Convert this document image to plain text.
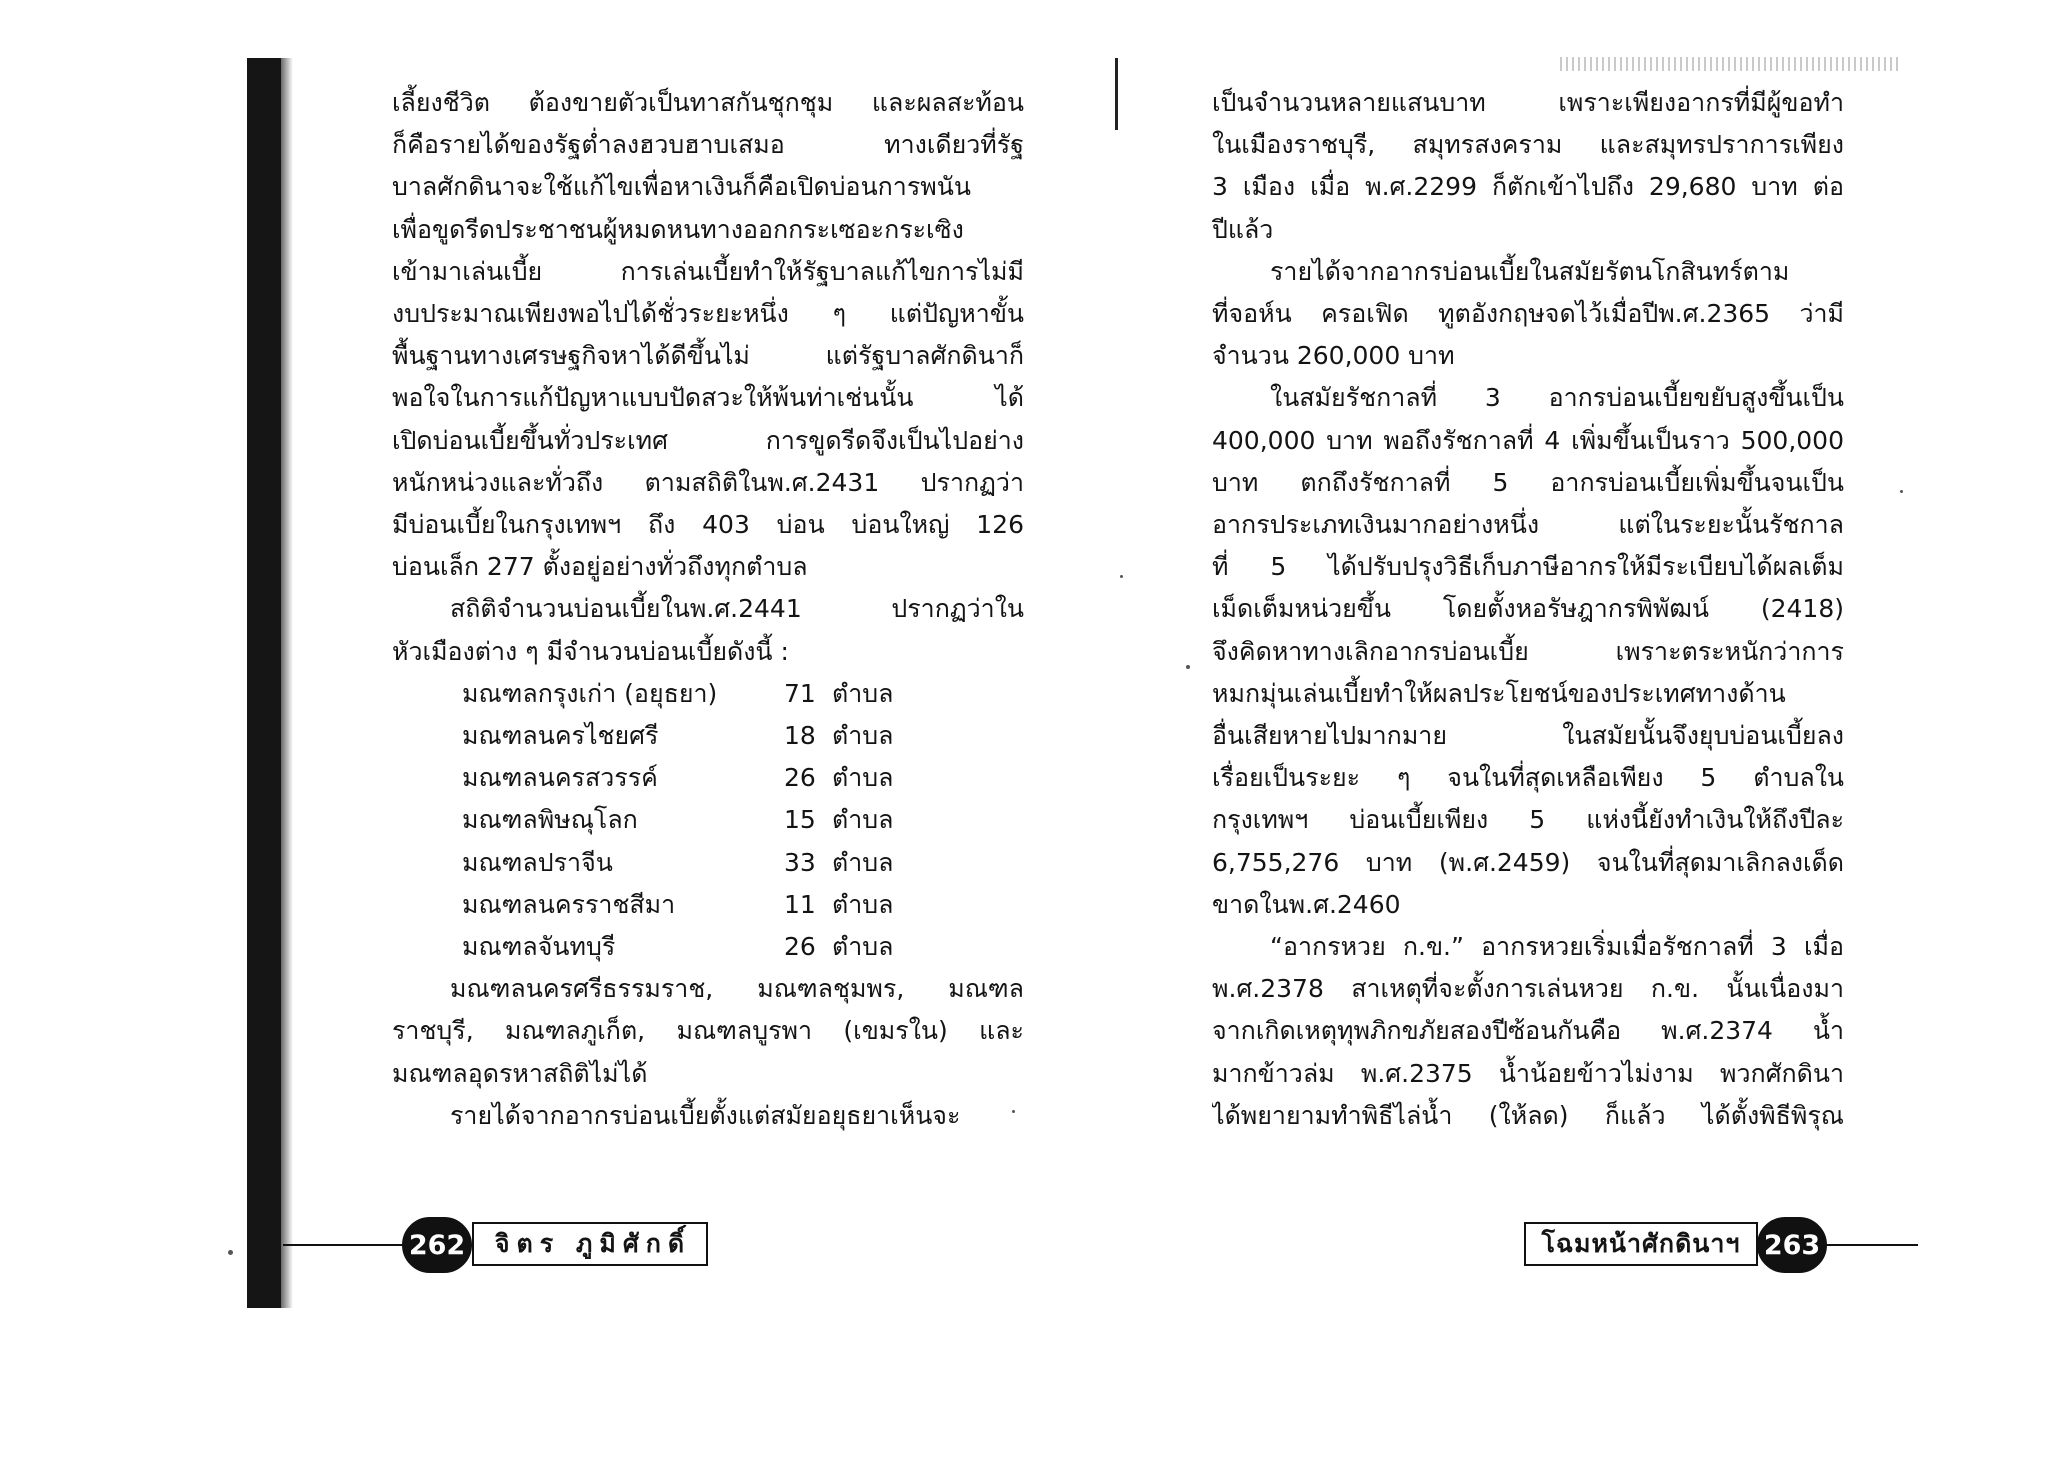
เลี้ยงชีวิต ต้องขายตัวเป็นทาสกันชุกชุม และผลสะท้อน
ก็คือรายได้ของรัฐต่ำลงฮวบฮาบเสมอ ทางเดียวที่รัฐ
บาลศักดินาจะใช้แก้ไขเพื่อหาเงินก็คือเปิดบ่อนการพนัน
เพื่อขูดรีดประชาชนผู้หมดหนทางออกกระเซอะกระเซิง
เข้ามาเล่นเบี้ย การเล่นเบี้ยทำให้รัฐบาลแก้ไขการไม่มี
งบประมาณเพียงพอไปได้ชั่วระยะหนึ่ง ๆ แต่ปัญหาขั้น
พื้นฐานทางเศรษฐกิจหาได้ดีขึ้นไม่ แต่รัฐบาลศักดินาก็
พอใจในการแก้ปัญหาแบบปัดสวะให้พ้นท่าเช่นนั้น ได้
เปิดบ่อนเบี้ยขึ้นทั่วประเทศ การขูดรีดจึงเป็นไปอย่าง
หนักหน่วงและทั่วถึง ตามสถิติในพ.ศ.2431 ปรากฏว่า
มีบ่อนเบี้ยในกรุงเทพฯ ถึง 403 บ่อน บ่อนใหญ่ 126
บ่อนเล็ก 277 ตั้งอยู่อย่างทั่วถึงทุกตำบล
สถิติจำนวนบ่อนเบี้ยในพ.ศ.2441 ปรากฏว่าใน
หัวเมืองต่าง ๆ มีจำนวนบ่อนเบี้ยดังนี้ :
มณฑลกรุงเก่า (อยุธยา)	71 ตำบล
มณฑลนครไชยศรี	18 ตำบล
มณฑลนครสวรรค์	26 ตำบล
มณฑลพิษณุโลก	15 ตำบล
มณฑลปราจีน	33 ตำบล
มณฑลนครราชสีมา	11 ตำบล
มณฑลจันทบุรี	26 ตำบล
มณฑลนครศรีธรรมราช, มณฑลชุมพร, มณฑล
ราชบุรี, มณฑลภูเก็ต, มณฑลบูรพา (เขมรใน) และ
มณฑลอุดรหาสถิติไม่ได้
รายได้จากอากรบ่อนเบี้ยตั้งแต่สมัยอยุธยาเห็นจะ
เป็นจำนวนหลายแสนบาท เพราะเพียงอากรที่มีผู้ขอทำ
ในเมืองราชบุรี, สมุทรสงคราม และสมุทรปราการเพียง
3 เมือง เมื่อ พ.ศ.2299 ก็ตักเข้าไปถึง 29,680 บาท ต่อ
ปีแล้ว
รายได้จากอากรบ่อนเบี้ยในสมัยรัตนโกสินทร์ตาม
ที่จอห์น ครอเฟิด ทูตอังกฤษจดไว้เมื่อปีพ.ศ.2365 ว่ามี
จำนวน 260,000 บาท
ในสมัยรัชกาลที่ 3 อากรบ่อนเบี้ยขยับสูงขึ้นเป็น
400,000 บาท พอถึงรัชกาลที่ 4 เพิ่มขึ้นเป็นราว 500,000
บาท ตกถึงรัชกาลที่ 5 อากรบ่อนเบี้ยเพิ่มขึ้นจนเป็น
อากรประเภทเงินมากอย่างหนึ่ง แต่ในระยะนั้นรัชกาล
ที่ 5 ได้ปรับปรุงวิธีเก็บภาษีอากรให้มีระเบียบได้ผลเต็ม
เม็ดเต็มหน่วยขึ้น โดยตั้งหอรัษฎากรพิพัฒน์ (2418)
จึงคิดหาทางเลิกอากรบ่อนเบี้ย เพราะตระหนักว่าการ
หมกมุ่นเล่นเบี้ยทำให้ผลประโยชน์ของประเทศทางด้าน
อื่นเสียหายไปมากมาย ในสมัยนั้นจึงยุบบ่อนเบี้ยลง
เรื่อยเป็นระยะ ๆ จนในที่สุดเหลือเพียง 5 ตำบลใน
กรุงเทพฯ บ่อนเบี้ยเพียง 5 แห่งนี้ยังทำเงินให้ถึงปีละ
6,755,276 บาท (พ.ศ.2459) จนในที่สุดมาเลิกลงเด็ด
ขาดในพ.ศ.2460
“อากรหวย ก.ข.” อากรหวยเริ่มเมื่อรัชกาลที่ 3 เมื่อ
พ.ศ.2378 สาเหตุที่จะตั้งการเล่นหวย ก.ข. นั้นเนื่องมา
จากเกิดเหตุทุพภิกขภัยสองปีซ้อนกันคือ พ.ศ.2374 น้ำ
มากข้าวล่ม พ.ศ.2375 น้ำน้อยข้าวไม่งาม พวกศักดินา
ได้พยายามทำพิธีไล่น้ำ (ให้ลด) ก็แล้ว ได้ตั้งพิธีพิรุณ
262	จิตร ภูมิศักดิ์	โฉมหน้าศักดินาฯ 263
